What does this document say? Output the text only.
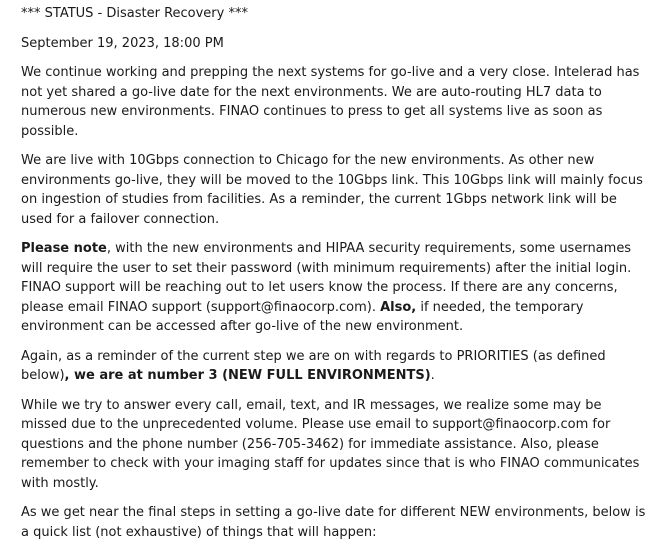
*** STATUS - Disaster Recovery ***

September 19, 2023, 18:00 PM

We continue working and prepping the next systems for go-live and a very close. Intelerad has not yet shared a go-live date for the next environments. We are auto-routing HL7 data to numerous new environments. FINAO continues to press to get all systems live as soon as possible.

We are live with 10Gbps connection to Chicago for the new environments. As other new environments go-live, they will be moved to the 10Gbps link. This 10Gbps link will mainly focus on ingestion of studies from facilities. As a reminder, the current 1Gbps network link will be used for a failover connection.

Please note, with the new environments and HIPAA security requirements, some usernames will require the user to set their password (with minimum requirements) after the initial login. FINAO support will be reaching out to let users know the process. If there are any concerns, please email FINAO support (support@finaocorp.com). Also, if needed, the temporary environment can be accessed after go-live of the new environment.

Again, as a reminder of the current step we are on with regards to PRIORITIES (as defined below), we are at number 3 (NEW FULL ENVIRONMENTS).

While we try to answer every call, email, text, and IR messages, we realize some may be missed due to the unprecedented volume. Please use email to support@finaocorp.com for questions and the phone number (256-705-3462) for immediate assistance. Also, please remember to check with your imaging staff for updates since that is who FINAO communicates with mostly.

As we get near the final steps in setting a go-live date for different NEW environments, below is a quick list (not exhaustive) of things that will happen:
